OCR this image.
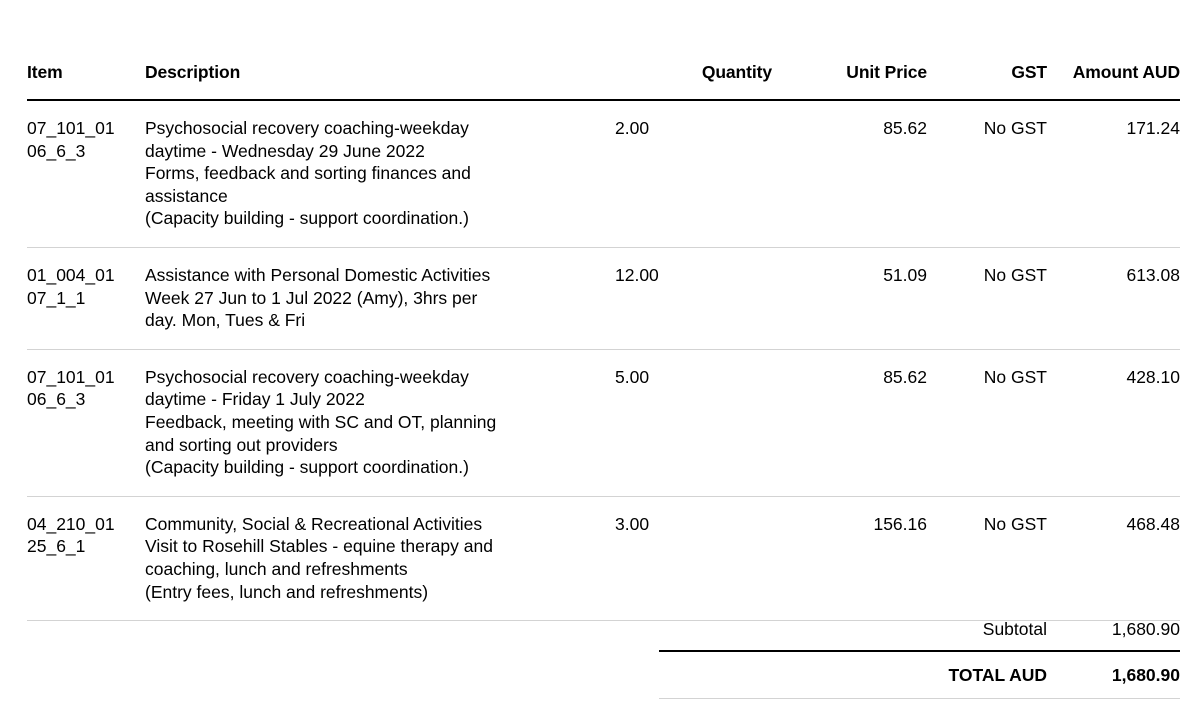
Item	Description	Quantity	Unit Price	GST	Amount AUD

07_101_01
06_6_3	Psychosocial recovery coaching-weekday
daytime - Wednesday 29 June 2022
Forms, feedback and sorting finances and
assistance
(Capacity building - support coordination.)	2.00	85.62	No GST	171.24

01_004_01
07_1_1	Assistance with Personal Domestic Activities
Week 27 Jun to 1 Jul 2022 (Amy), 3hrs per
day. Mon, Tues & Fri	12.00	51.09	No GST	613.08

07_101_01
06_6_3	Psychosocial recovery coaching-weekday
daytime - Friday 1 July 2022
Feedback, meeting with SC and OT, planning
and sorting out providers
(Capacity building - support coordination.)	5.00	85.62	No GST	428.10

04_210_01
25_6_1	Community, Social & Recreational Activities
Visit to Rosehill Stables - equine therapy and
coaching, lunch and refreshments
(Entry fees, lunch and refreshments)	3.00	156.16	No GST	468.48
Subtotal	1,680.90
TOTAL AUD	1,680.90
